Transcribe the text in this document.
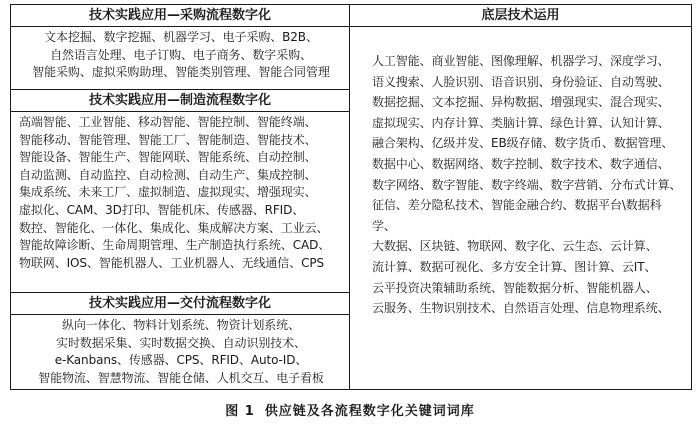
技术实践应用—采购流程数字化
文本挖掘、数字挖掘、机器学习、电子采购、B2B、
自然语言处理、电子订购、电子商务、数字采购、
智能采购、虚拟采购助理、智能类别管理、智能合同管理
技术实践应用—制造流程数字化
高端智能、工业智能、移动智能、智能控制、智能终端、
智能移动、智能管理、智能工厂、智能制造、智能技术、
智能设备、智能生产、智能网联、智能系统、自动控制、
自动监测、自动监控、自动检测、自动生产、集成控制、
集成系统、未来工厂、虚拟制造、虚拟现实、增强现实、
虚拟化、CAM、3D打印、智能机床、传感器、RFID、
数控、智能化、一体化、集成化、集成解决方案、工业云、
智能故障诊断、生命周期管理、生产制造执行系统、CAD、
物联网、IOS、智能机器人、工业机器人、无线通信、CPS
技术实践应用—交付流程数字化
纵向一体化、物料计划系统、物资计划系统、
实时数据采集、实时数据交换、自动识别技术、
e-Kanbans、传感器、CPS、RFID、Auto-ID、
智能物流、智慧物流、智能仓储、人机交互、电子看板
底层技术运用
人工智能、商业智能、图像理解、机器学习、深度学习、
语义搜索、人脸识别、语音识别、身份验证、自动驾驶、
数据挖掘、文本挖掘、异构数据、增强现实、混合现实、
虚拟现实、内存计算、类脑计算、绿色计算、认知计算、
融合架构、亿级并发、EB级存储、数字货币、数据管理、
数据中心、数据网络、数字控制、数字技术、数字通信、
数字网络、数字智能、数字终端、数字营销、分布式计算、
征信、差分隐私技术、智能金融合约、数据平台\数据科学、
大数据、区块链、物联网、数字化、云生态、云计算、
流计算、数据可视化、多方安全计算、图计算、云IT、
云平投资决策辅助系统、智能数据分析、智能机器人、
云服务、生物识别技术、自然语言处理、信息物理系统、
图 1 供应链及各流程数字化关键词词库
